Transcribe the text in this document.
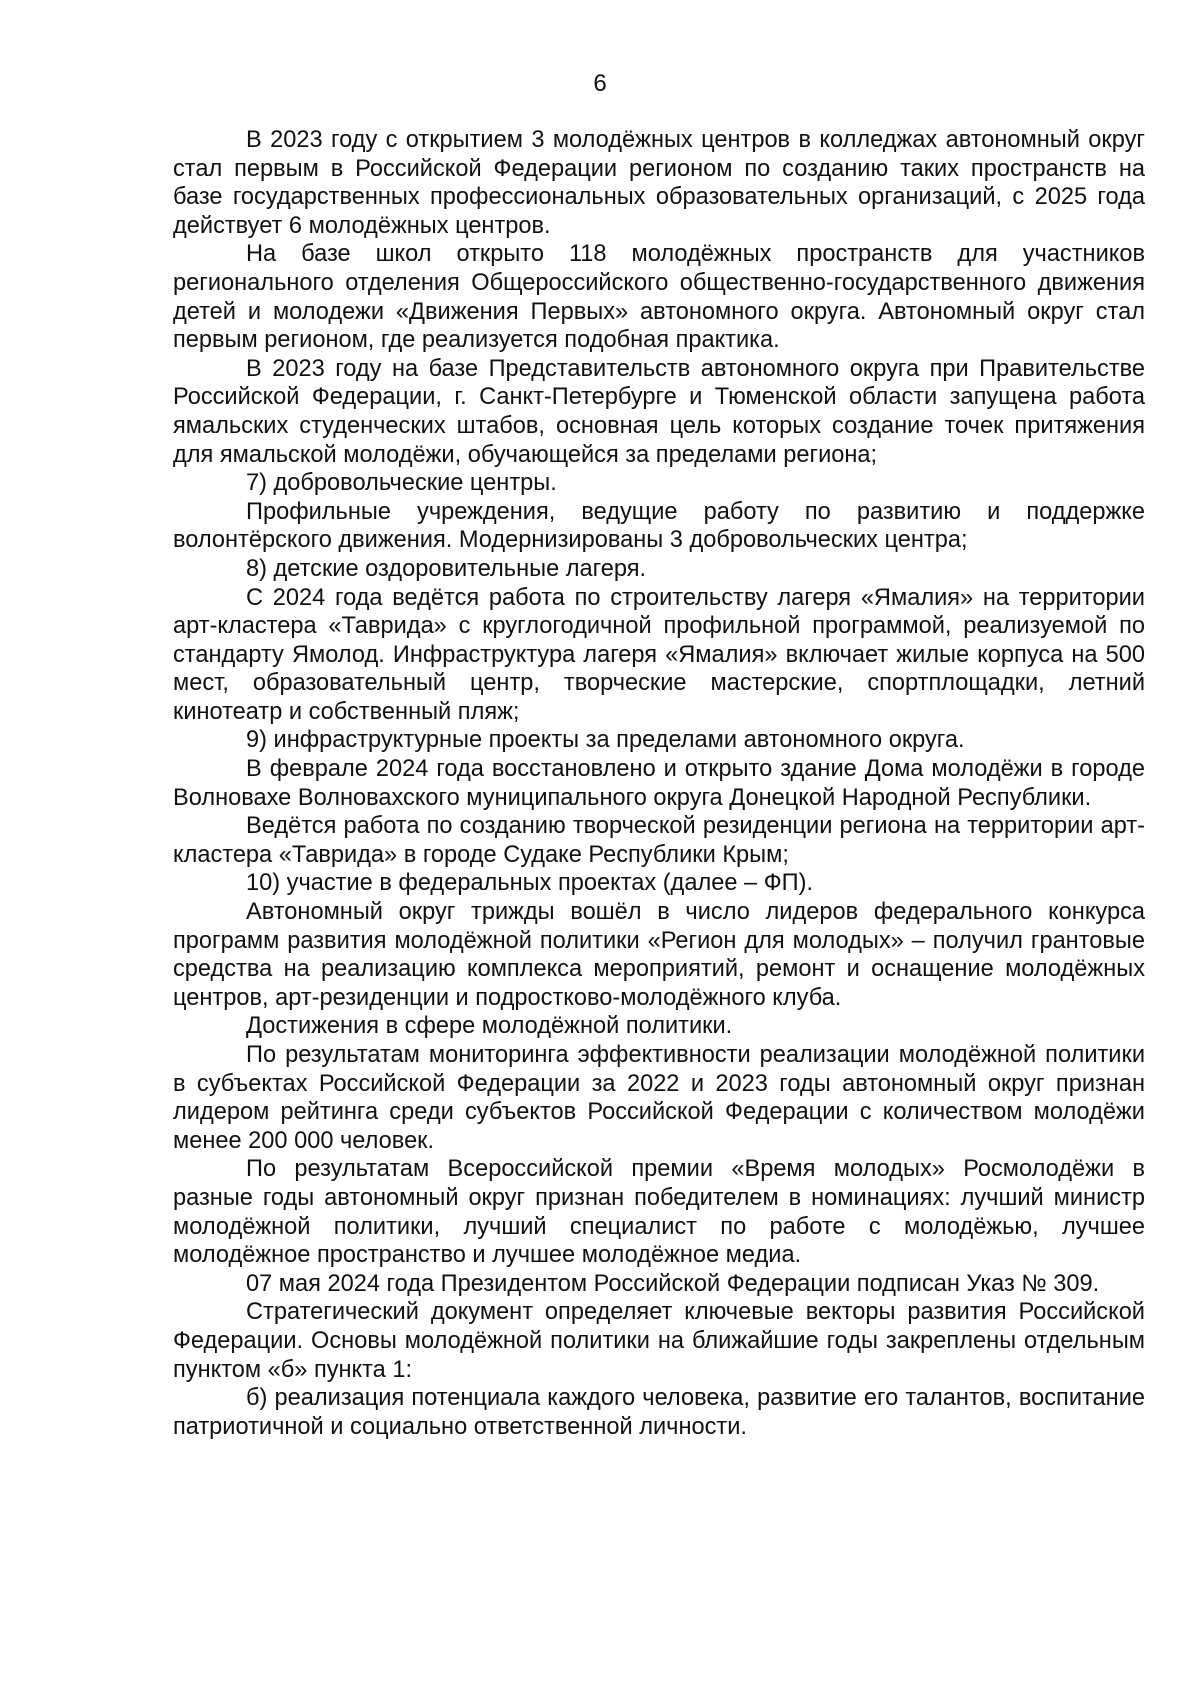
6

В 2023 году с открытием 3 молодёжных центров в колледжах автономный округ стал первым в Российской Федерации регионом по созданию таких пространств на базе государственных профессиональных образовательных организаций, с 2025 года действует 6 молодёжных центров.

На базе школ открыто 118 молодёжных пространств для участников регионального отделения Общероссийского общественно-государственного движения детей и молодежи «Движения Первых» автономного округа. Автономный округ стал первым регионом, где реализуется подобная практика.

В 2023 году на базе Представительств автономного округа при Правительстве Российской Федерации, г. Санкт-Петербурге и Тюменской области запущена работа ямальских студенческих штабов, основная цель которых создание точек притяжения для ямальской молодёжи, обучающейся за пределами региона;

7) добровольческие центры.

Профильные учреждения, ведущие работу по развитию и поддержке волонтёрского движения. Модернизированы 3 добровольческих центра;

8) детские оздоровительные лагеря.

С 2024 года ведётся работа по строительству лагеря «Ямалия» на территории арт-кластера «Таврида» с круглогодичной профильной программой, реализуемой по стандарту Ямолод. Инфраструктура лагеря «Ямалия» включает жилые корпуса на 500 мест, образовательный центр, творческие мастерские, спортплощадки, летний кинотеатр и собственный пляж;

9) инфраструктурные проекты за пределами автономного округа.

В феврале 2024 года восстановлено и открыто здание Дома молодёжи в городе Волновахе Волновахского муниципального округа Донецкой Народной Республики.

Ведётся работа по созданию творческой резиденции региона на территории арт-кластера «Таврида» в городе Судаке Республики Крым;

10) участие в федеральных проектах (далее – ФП).

Автономный округ трижды вошёл в число лидеров федерального конкурса программ развития молодёжной политики «Регион для молодых» – получил грантовые средства на реализацию комплекса мероприятий, ремонт и оснащение молодёжных центров, арт-резиденции и подростково-молодёжного клуба.

Достижения в сфере молодёжной политики.

По результатам мониторинга эффективности реализации молодёжной политики в субъектах Российской Федерации за 2022 и 2023 годы автономный округ признан лидером рейтинга среди субъектов Российской Федерации с количеством молодёжи менее 200 000 человек.

По результатам Всероссийской премии «Время молодых» Росмолодёжи в разные годы автономный округ признан победителем в номинациях: лучший министр молодёжной политики, лучший специалист по работе с молодёжью, лучшее молодёжное пространство и лучшее молодёжное медиа.

07 мая 2024 года Президентом Российской Федерации подписан Указ № 309.

Стратегический документ определяет ключевые векторы развития Российской Федерации. Основы молодёжной политики на ближайшие годы закреплены отдельным пунктом «б» пункта 1:

б) реализация потенциала каждого человека, развитие его талантов, воспитание патриотичной и социально ответственной личности.
